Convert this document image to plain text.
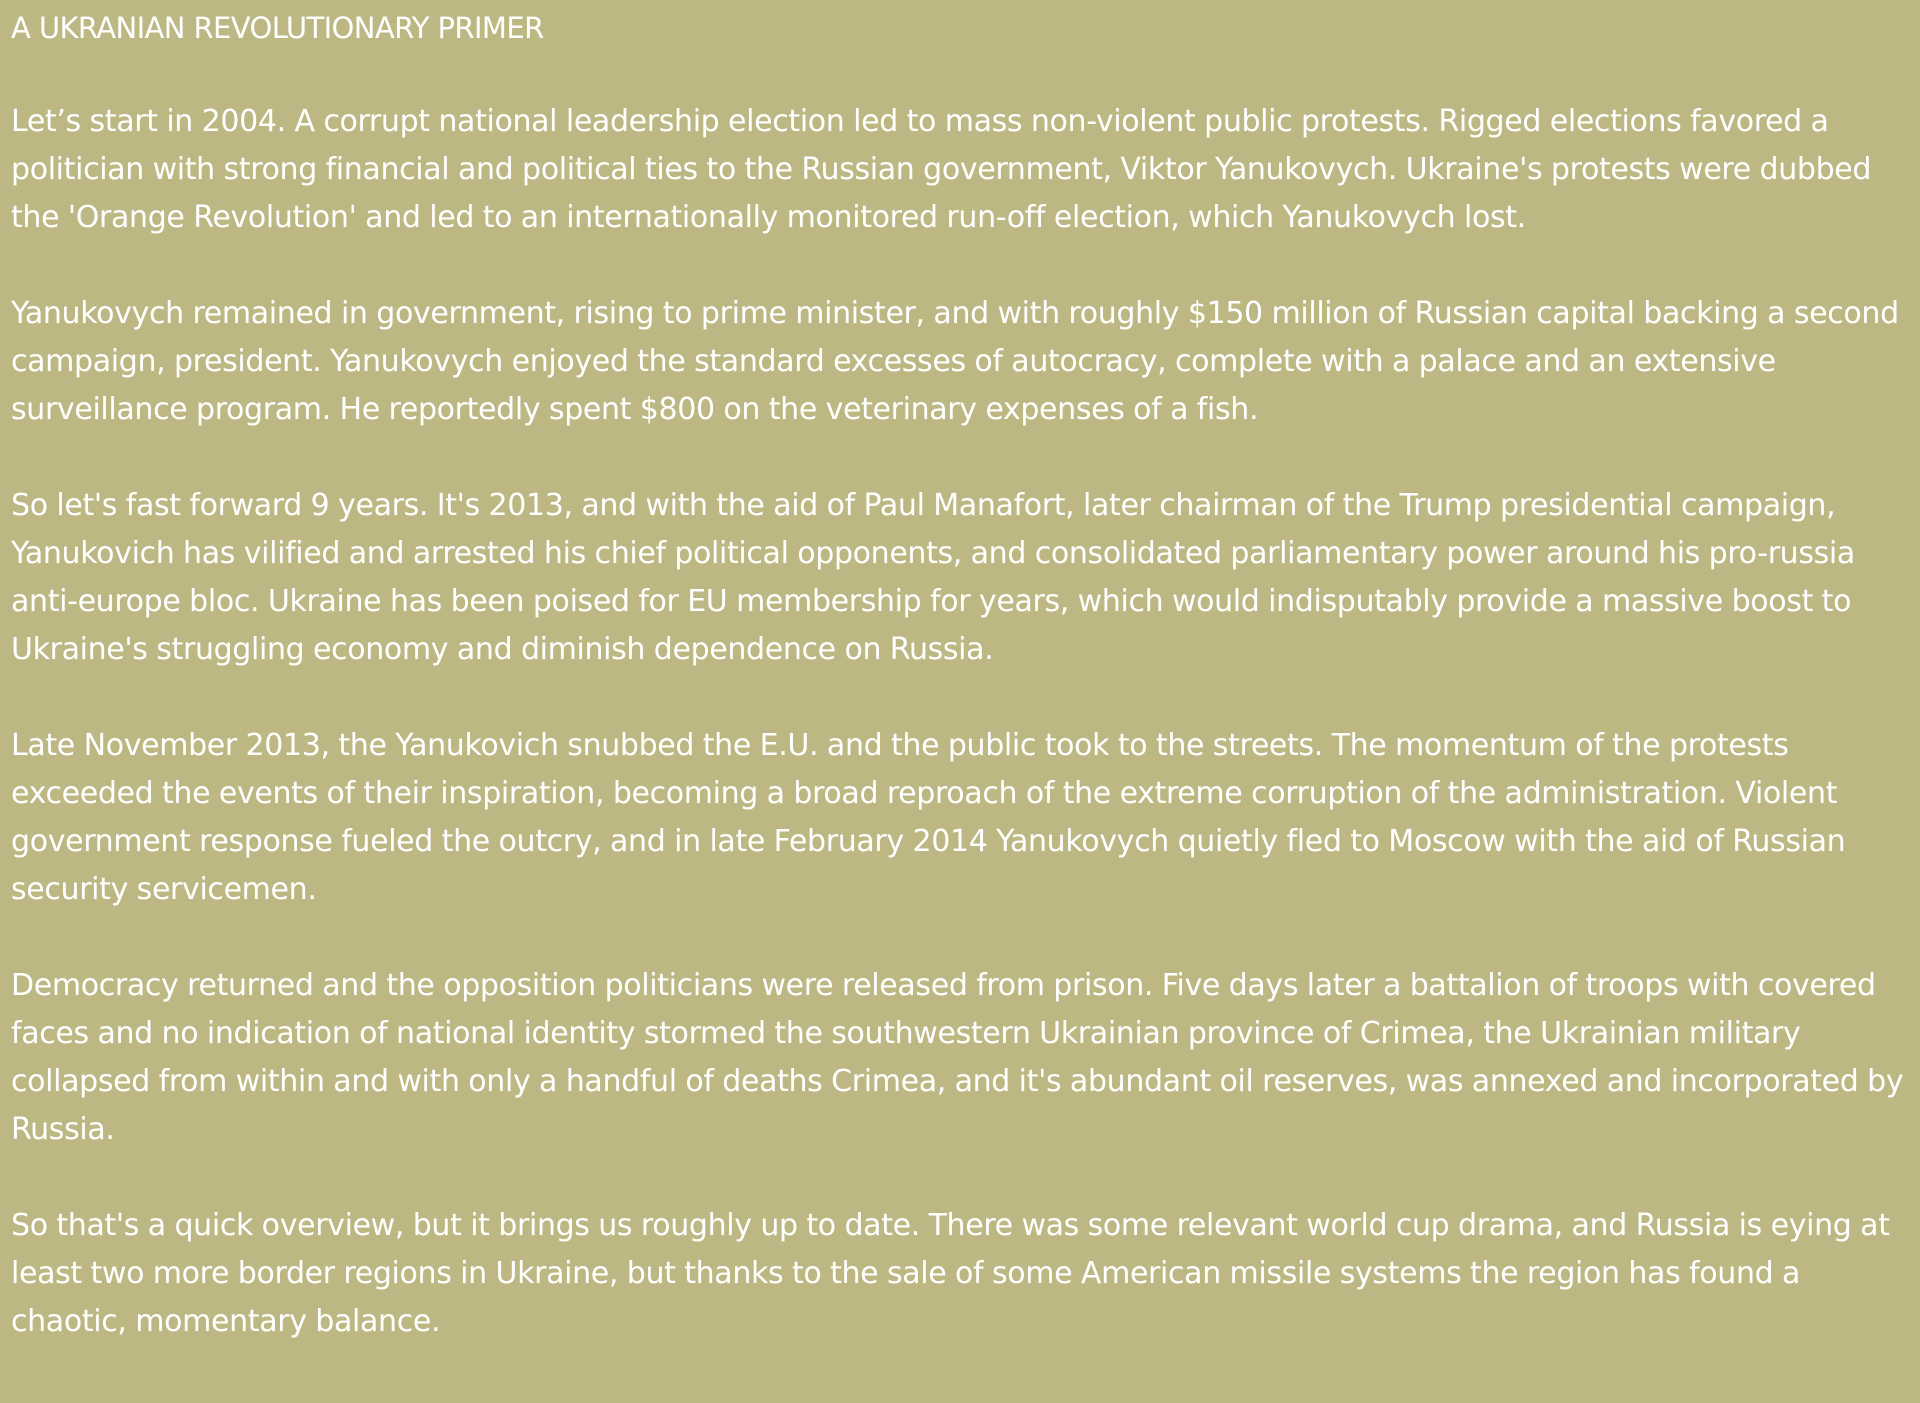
A UKRANIAN REVOLUTIONARY PRIMER

Let’s start in 2004. A corrupt national leadership election led to mass non-violent public protests. Rigged elections favored a politician with strong financial and political ties to the Russian government, Viktor Yanukovych. Ukraine's protests were dubbed the 'Orange Revolution' and led to an internationally monitored run-off election, which Yanukovych lost.

Yanukovych remained in government, rising to prime minister, and with roughly $150 million of Russian capital backing a second campaign, president. Yanukovych enjoyed the standard excesses of autocracy, complete with a palace and an extensive surveillance program. He reportedly spent $800 on the veterinary expenses of a fish.

So let's fast forward 9 years. It's 2013, and with the aid of Paul Manafort, later chairman of the Trump presidential campaign, Yanukovich has vilified and arrested his chief political opponents, and consolidated parliamentary power around his pro-russia anti-europe bloc. Ukraine has been poised for EU membership for years, which would indisputably provide a massive boost to Ukraine's struggling economy and diminish dependence on Russia.

Late November 2013, the Yanukovich snubbed the E.U. and the public took to the streets. The momentum of the protests exceeded the events of their inspiration, becoming a broad reproach of the extreme corruption of the administration. Violent government response fueled the outcry, and in late February 2014 Yanukovych quietly fled to Moscow with the aid of Russian security servicemen.

Democracy returned and the opposition politicians were released from prison. Five days later a battalion of troops with covered faces and no indication of national identity stormed the southwestern Ukrainian province of Crimea, the Ukrainian military collapsed from within and with only a handful of deaths Crimea, and it's abundant oil reserves, was annexed and incorporated by Russia.

So that's a quick overview, but it brings us roughly up to date. There was some relevant world cup drama, and Russia is eying at least two more border regions in Ukraine, but thanks to the sale of some American missile systems the region has found a chaotic, momentary balance.
